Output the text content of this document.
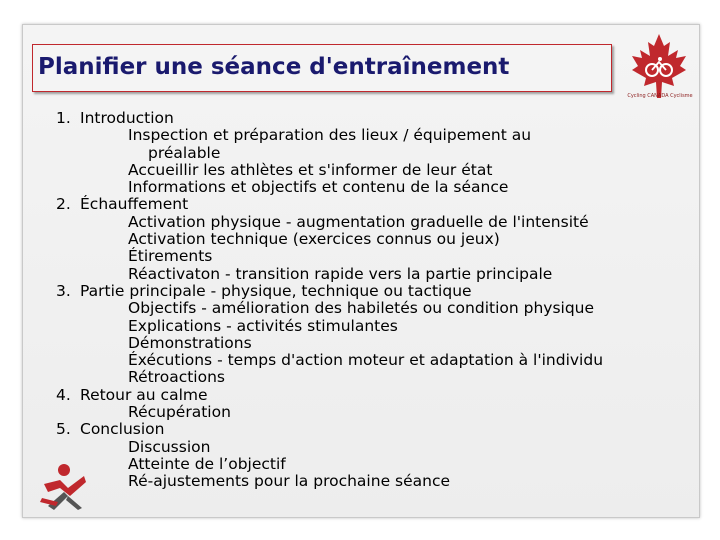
Planifier une séance d'entraînement
Cycling CANADA Cyclisme
1. Introduction
Inspection et préparation des lieux / équipement au
préalable
Accueillir les athlètes et s'informer de leur état
Informations et objectifs et contenu de la séance
2. Échauffement
Activation physique - augmentation graduelle de l'intensité
Activation technique (exercices connus ou jeux)
Étirements
Réactivaton - transition rapide vers la partie principale
3. Partie principale - physique, technique ou tactique
Objectifs - amélioration des habiletés ou condition physique
Explications - activités stimulantes
Démonstrations
Éxécutions - temps d'action moteur et adaptation à l'individu
Rétroactions
4. Retour au calme
Récupération
5. Conclusion
Discussion
Atteinte de l’objectif
Ré-ajustements pour la prochaine séance
